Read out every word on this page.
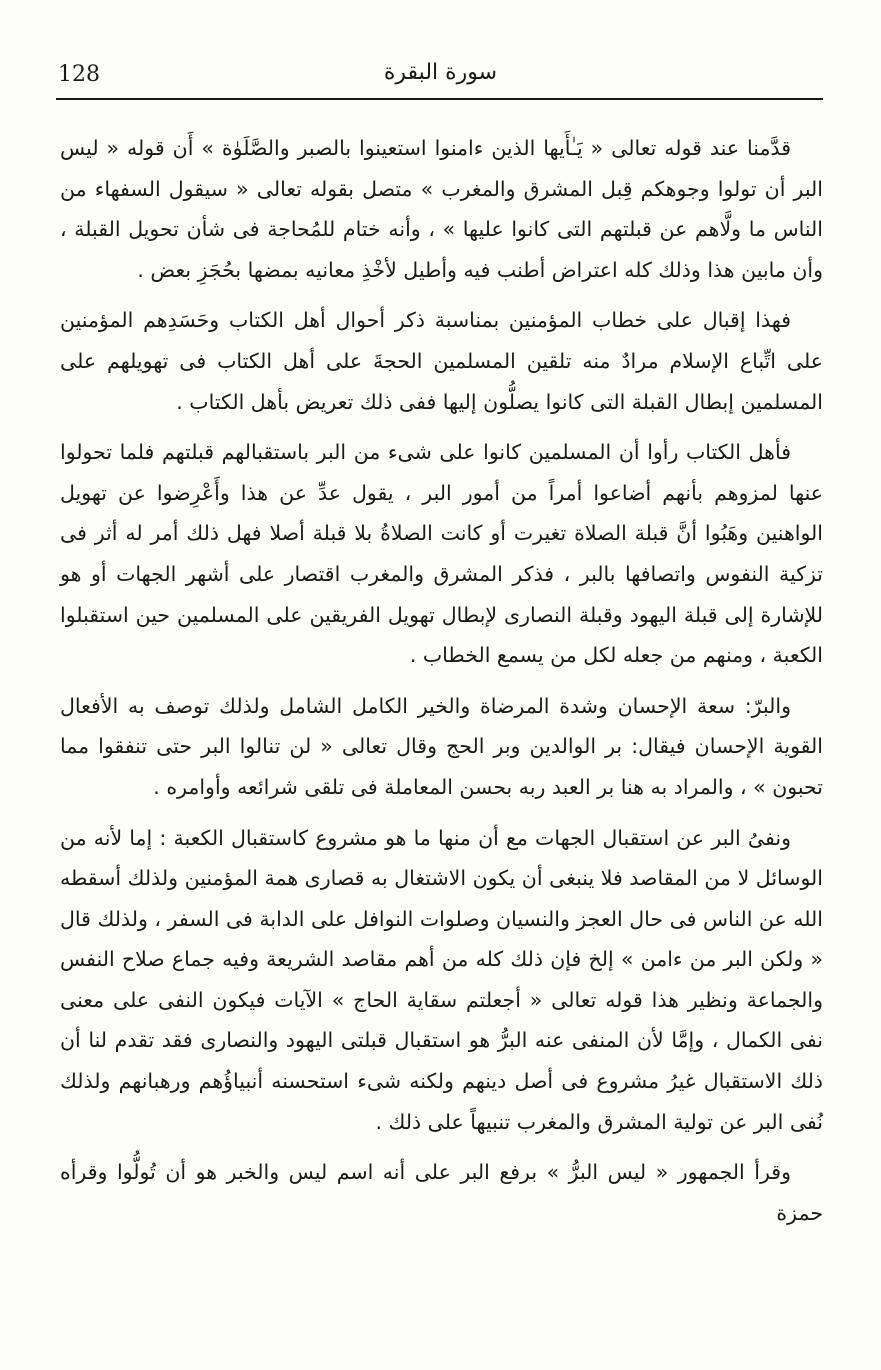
128	سورة البقرة

قدَّمنا عند قوله تعالى « يَـٰأَيها الذين ءامنوا استعينوا بالصبر والصَّلَوٰة » أَن قوله « ليس البر أن تولوا وجوهكم قِبل المشرق والمغرب » متصل بقوله تعالى « سيقول السفهاء من الناس ما ولَّاهم عن قبلتهم التى كانوا عليها » ، وأنه ختام للمُحاجة فى شأن تحويل القبلة ، وأن مابين هذا وذلك كله اعتراض أطنب فيه وأطيل لأخْذِ معانيه بمضها بحُجَزِ بعض .

فهذا إقبال على خطاب المؤمنين بمناسبة ذكر أحوال أهل الكتاب وحَسَدِهم المؤمنين على اتِّباع الإسلام مرادٌ منه تلقين المسلمين الحجةَ على أهل الكتاب فى تهويلهم على المسلمين إبطال القبلة التى كانوا يصلُّون إليها ففى ذلك تعريض بأهل الكتاب .

فأهل الكتاب رأوا أن المسلمين كانوا على شىء من البر باستقبالهم قبلتهم فلما تحولوا عنها لمزوهم بأنهم أضاعوا أمراً من أمور البر ، يقول عدِّ عن هذا وأَعْرِضوا عن تهويل الواهنين وهَبُوا أنَّ قبلة الصلاة تغيرت أو كانت الصلاةُ بلا قبلة أصلا فهل ذلك أمر له أثر فى تزكية النفوس واتصافها بالبر ، فذكر المشرق والمغرب اقتصار على أشهر الجهات أو هو للإشارة إلى قبلة اليهود وقبلة النصارى لإبطال تهويل الفريقين على المسلمين حين استقبلوا الكعبة ، ومنهم من جعله لكل من يسمع الخطاب .

والبرّ: سعة الإحسان وشدة المرضاة والخير الكامل الشامل ولذلك توصف به الأفعال القوية الإحسان فيقال: بر الوالدين وبر الحج وقال تعالى « لن تنالوا البر حتى تنفقوا مما تحبون » ، والمراد به هنا بر العبد ربه بحسن المعاملة فى تلقى شرائعه وأوامره .

ونفىُ البر عن استقبال الجهات مع أن منها ما هو مشروع كاستقبال الكعبة : إما لأنه من الوسائل لا من المقاصد فلا ينبغى أن يكون الاشتغال به قصارى همة المؤمنين ولذلك أسقطه الله عن الناس فى حال العجز والنسيان وصلوات النوافل على الدابة فى السفر ، ولذلك قال « ولكن البر من ءامن » إلخ فإن ذلك كله من أهم مقاصد الشريعة وفيه جماع صلاح النفس والجماعة ونظير هذا قوله تعالى « أجعلتم سقاية الحاج » الآيات فيكون النفى على معنى نفى الكمال ، وإمَّا لأن المنفى عنه البرُّ هو استقبال قبلتى اليهود والنصارى فقد تقدم لنا أن ذلك الاستقبال غيرُ مشروع فى أصل دينهم ولكنه شىء استحسنه أنبياؤُهم ورهبانهم ولذلك نُفى البر عن تولية المشرق والمغرب تنبيهاً على ذلك .

وقرأ الجمهور « ليس البرُّ » برفع البر على أنه اسم ليس والخبر هو أن تُولُّوا وقرأه حمزة
